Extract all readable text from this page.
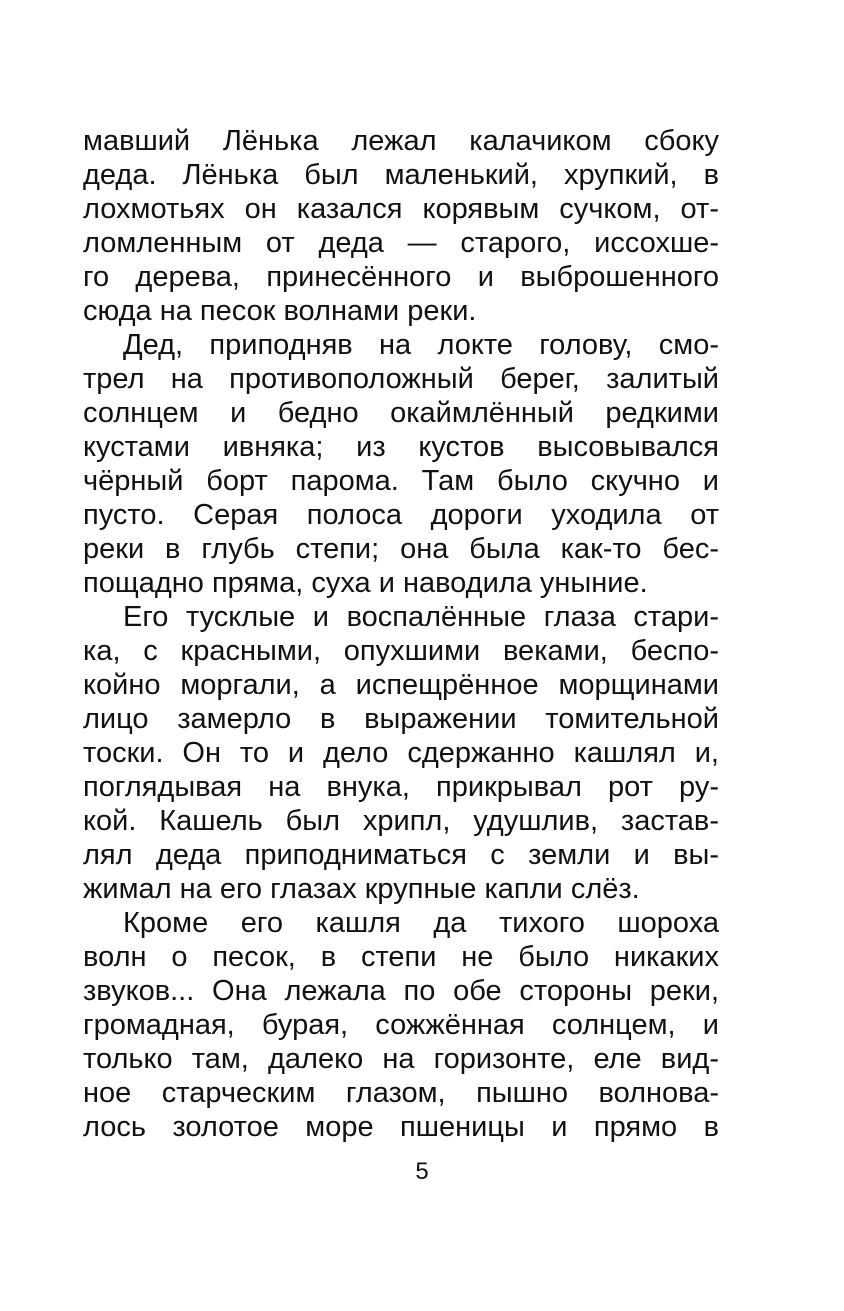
мавший Лёнька лежал калачиком сбоку
деда. Лёнька был маленький, хрупкий, в
лохмотьях он казался корявым сучком, от-
ломленным от деда — старого, иссохше-
го дерева, принесённого и выброшенного
сюда на песок волнами реки.
Дед, приподняв на локте голову, смо-
трел на противоположный берег, залитый
солнцем и бедно окаймлённый редкими
кустами ивняка; из кустов высовывался
чёрный борт парома. Там было скучно и
пусто. Серая полоса дороги уходила от
реки в глубь степи; она была как-то бес-
пощадно пряма, суха и наводила уныние.
Его тусклые и воспалённые глаза стари-
ка, с красными, опухшими веками, беспо-
койно моргали, а испещрённое морщинами
лицо замерло в выражении томительной
тоски. Он то и дело сдержанно кашлял и,
поглядывая на внука, прикрывал рот ру-
кой. Кашель был хрипл, удушлив, застав-
лял деда приподниматься с земли и вы-
жимал на его глазах крупные капли слёз.
Кроме его кашля да тихого шороха
волн о песок, в степи не было никаких
звуков... Она лежала по обе стороны реки,
громадная, бурая, сожжённая солнцем, и
только там, далеко на горизонте, еле вид-
ное старческим глазом, пышно волнова-
лось золотое море пшеницы и прямо в
5
